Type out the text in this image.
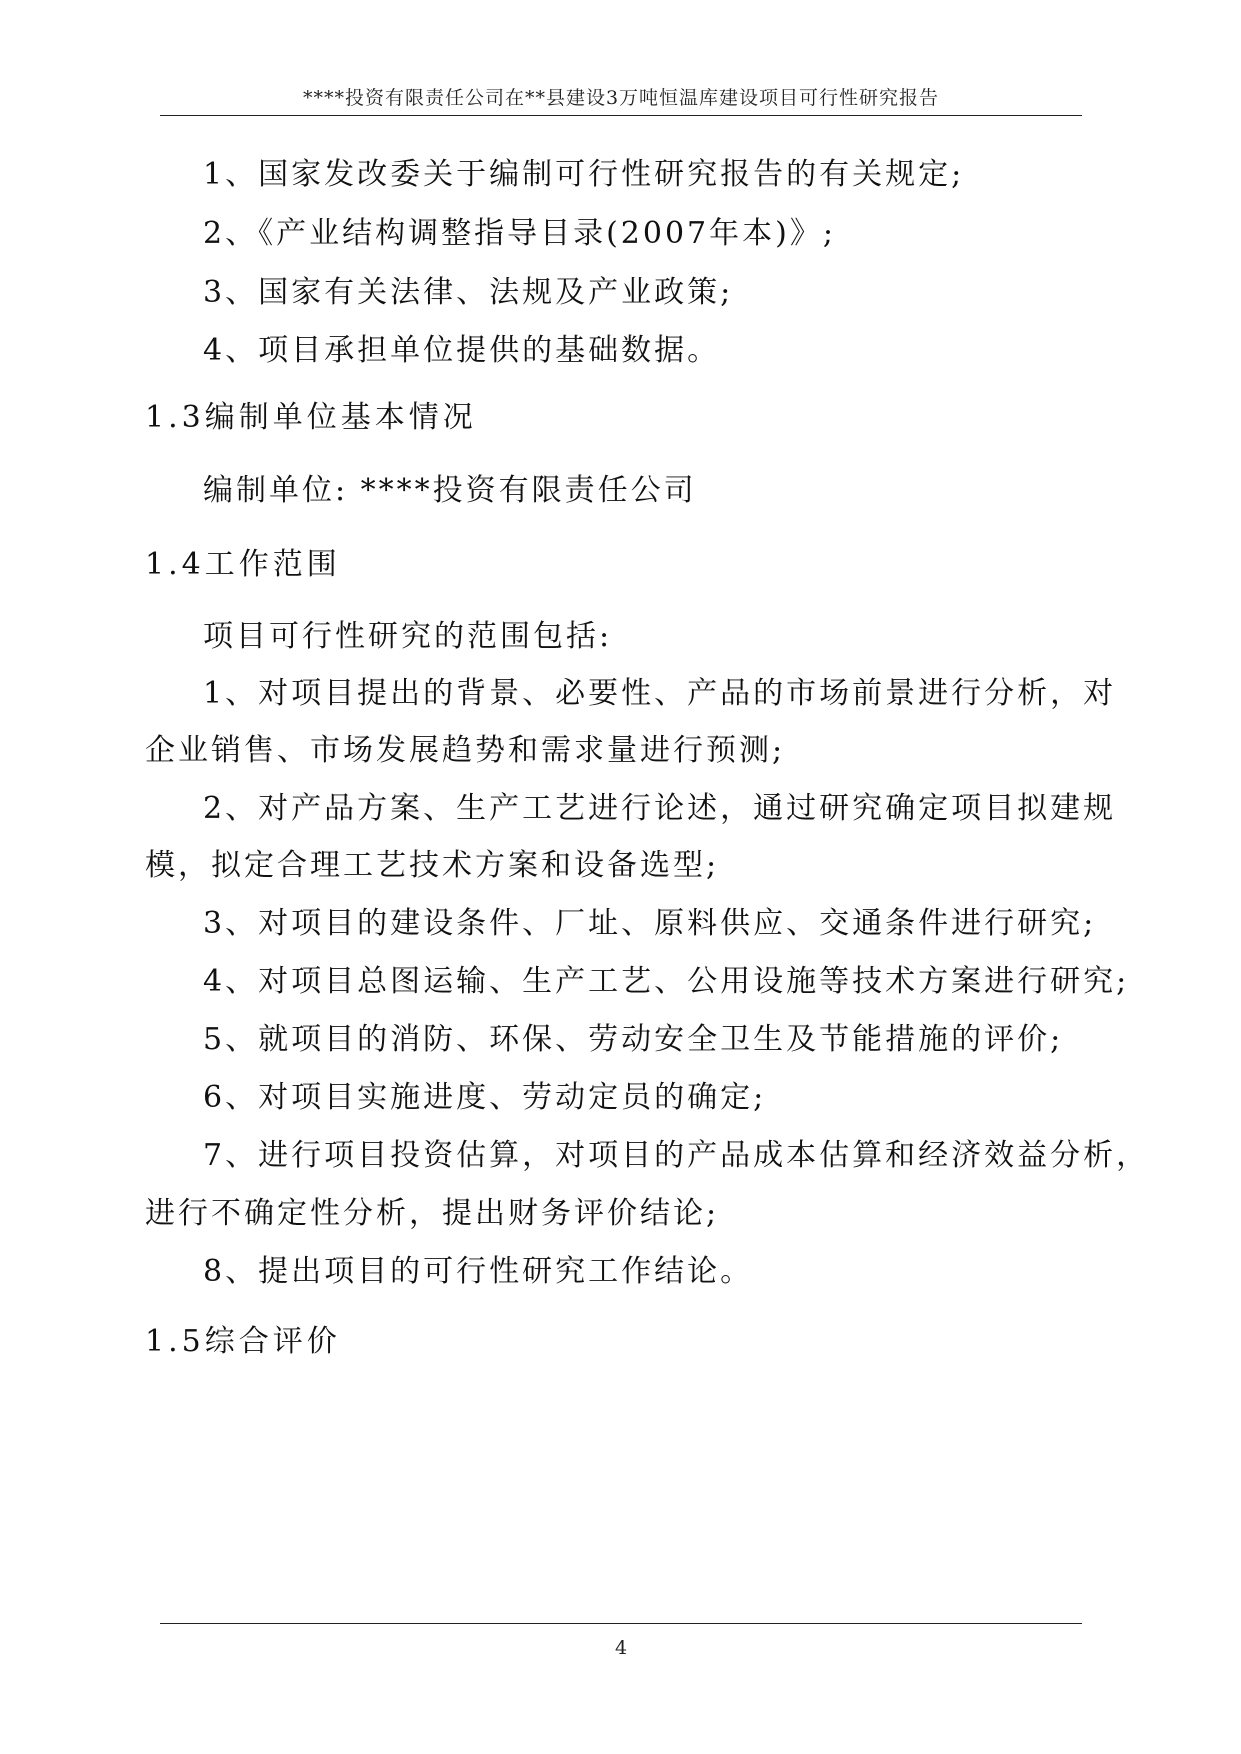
****投资有限责任公司在**县建设3万吨恒温库建设项目可行性研究报告
1、国家发改委关于编制可行性研究报告的有关规定;
2、《产业结构调整指导目录(2007年本)》;
3、国家有关法律、法规及产业政策;
4、项目承担单位提供的基础数据。
1.3编制单位基本情况
编制单位: ****投资有限责任公司
1.4工作范围
项目可行性研究的范围包括:
1、对项目提出的背景、必要性、产品的市场前景进行分析，对
企业销售、市场发展趋势和需求量进行预测;
2、对产品方案、生产工艺进行论述，通过研究确定项目拟建规
模，拟定合理工艺技术方案和设备选型;
3、对项目的建设条件、厂址、原料供应、交通条件进行研究;
4、对项目总图运输、生产工艺、公用设施等技术方案进行研究;
5、就项目的消防、环保、劳动安全卫生及节能措施的评价;
6、对项目实施进度、劳动定员的确定;
7、进行项目投资估算，对项目的产品成本估算和经济效益分析，
进行不确定性分析，提出财务评价结论;
8、提出项目的可行性研究工作结论。
1.5综合评价
4
